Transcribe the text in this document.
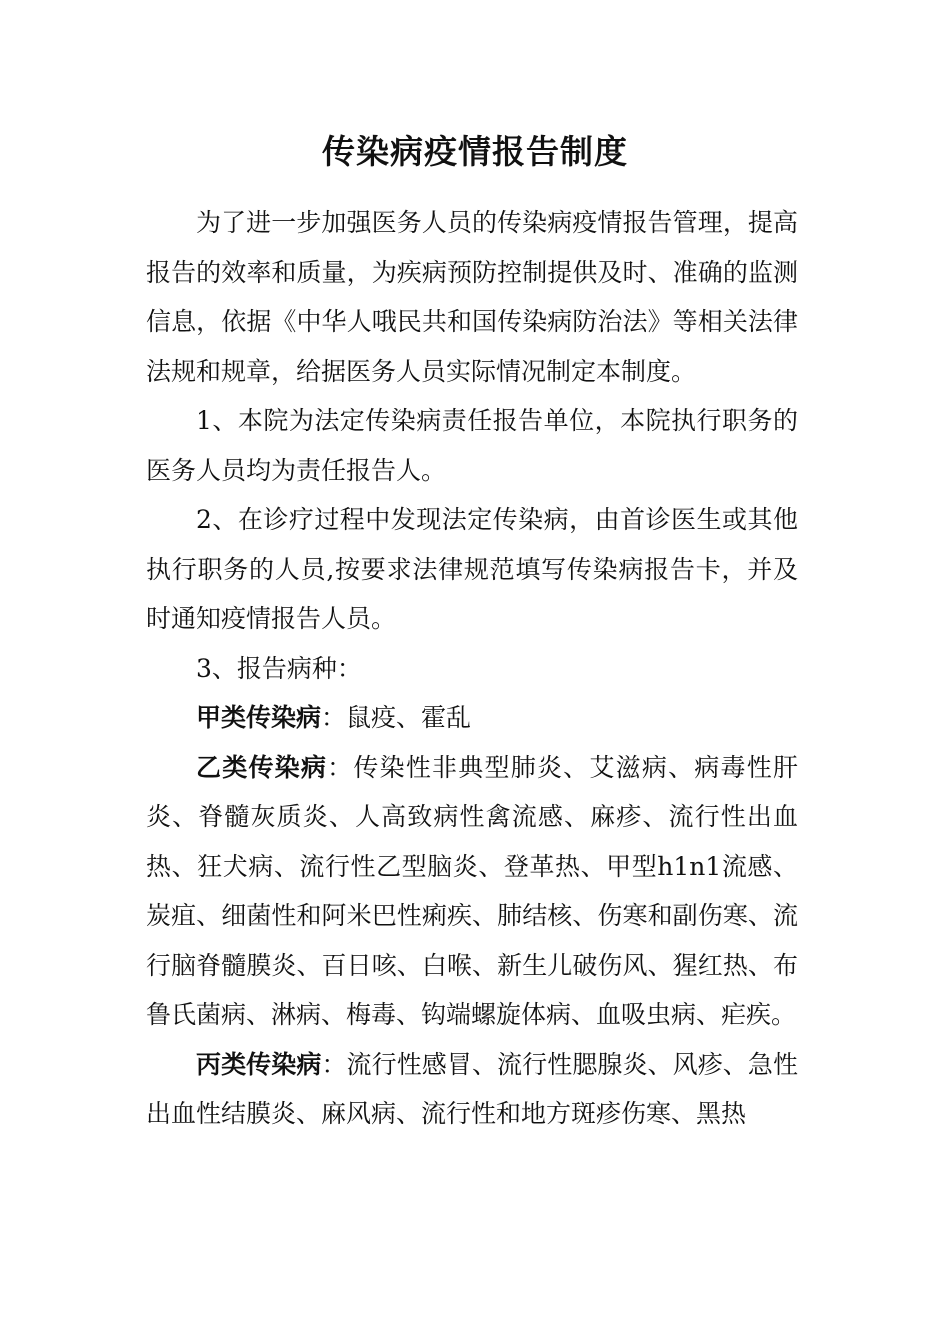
传染病疫情报告制度

为了进一步加强医务人员的传染病疫情报告管理，提高报告的效率和质量，为疾病预防控制提供及时、准确的监测信息，依据《中华人哦民共和国传染病防治法》等相关法律法规和规章，给据医务人员实际情况制定本制度。

1、本院为法定传染病责任报告单位，本院执行职务的医务人员均为责任报告人。

2、在诊疗过程中发现法定传染病，由首诊医生或其他执行职务的人员,按要求法律规范填写传染病报告卡，并及时通知疫情报告人员。

3、报告病种：

甲类传染病：鼠疫、霍乱

乙类传染病：传染性非典型肺炎、艾滋病、病毒性肝炎、脊髓灰质炎、人高致病性禽流感、麻疹、流行性出血热、狂犬病、流行性乙型脑炎、登革热、甲型h1n1流感、炭疽、细菌性和阿米巴性痢疾、肺结核、伤寒和副伤寒、流行脑脊髓膜炎、百日咳、白喉、新生儿破伤风、猩红热、布鲁氏菌病、淋病、梅毒、钩端螺旋体病、血吸虫病、疟疾。

丙类传染病：流行性感冒、流行性腮腺炎、风疹、急性出血性结膜炎、麻风病、流行性和地方斑疹伤寒、黑热
